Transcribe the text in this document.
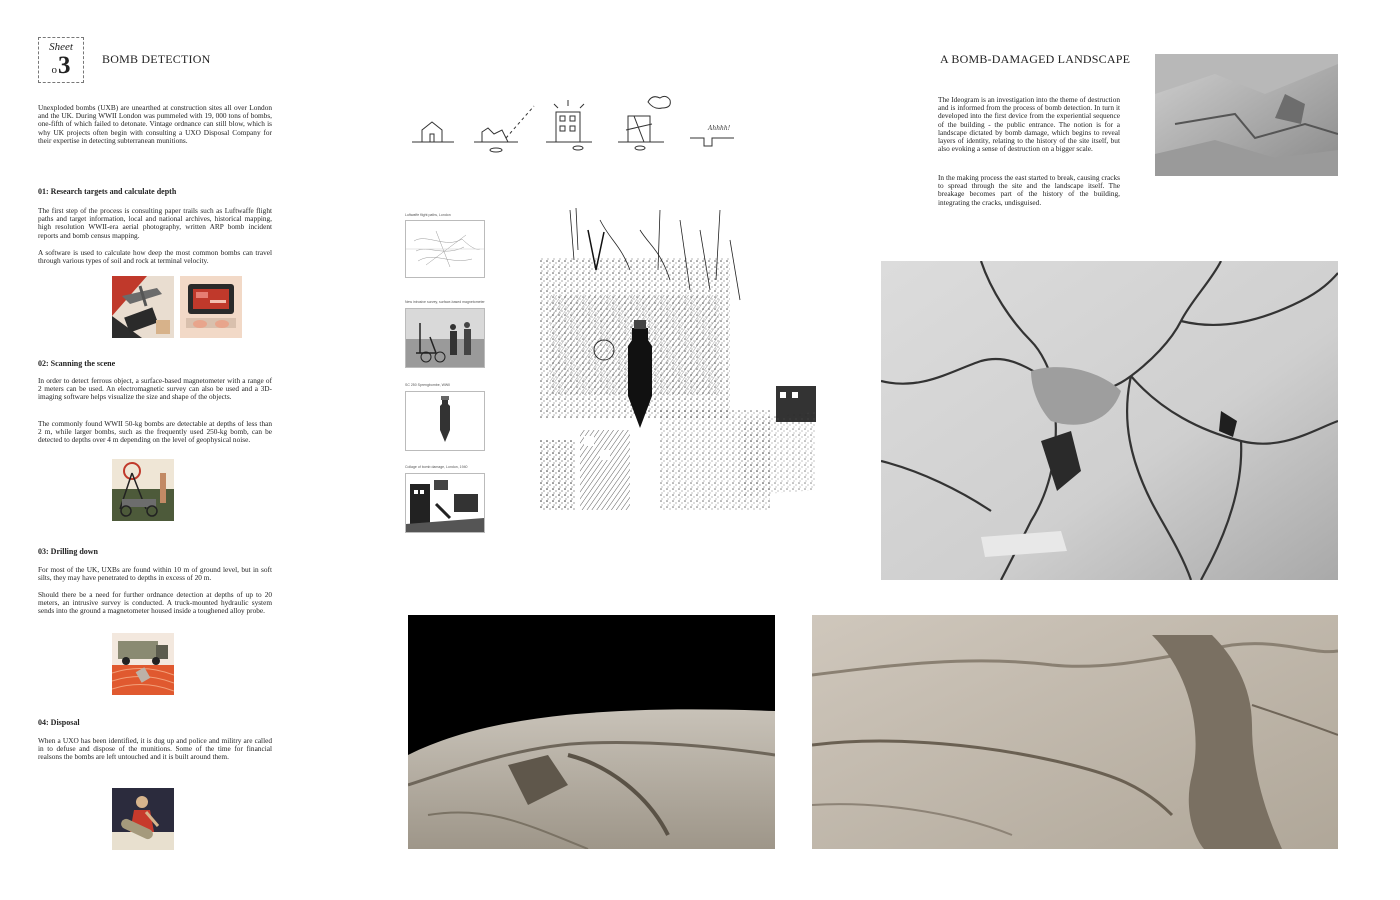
Sheet
$^o$3	BOMB DETECTION

Unexploded bombs (UXB) are unearthed at construction sites all over London and the UK. During WWII London was pummeled with 19, 000 tons of bombs, one-fifth of which failed to detonate. Vintage ordnance can still blow, which is why UK projects often begin with consulting a UXO Disposal Company for their expertise in detecting subterranean munitions.

01: Research targets and calculate depth

The first step of the process is consulting paper trails such as Luftwaffe flight paths and target information, local and national archives, historical mapping, high resolution WWII-era aerial photography, written ARP bomb incident reports and bomb census mapping.

A software is used to calculate how deep the most common bombs can travel through various types of soil and rock at terminal velocity.

02: Scanning the scene

In order to detect ferrous object, a surface-based magnetometer with a range of 2 meters can be used. An electromagnetic survey can also be used and a 3D-imaging software helps visualize the size and shape of the objects.

The commonly found WWII 50-kg bombs are detectable at depths of less than 2 m, while larger bombs, such as the frequently used 250-kg bomb, can be detected to depths over 4 m depending on the level of geophysical noise.

03: Drilling down

For most of the UK, UXBs are found within 10 m of ground level, but in soft silts, they may have penetrated to depths in excess of 20 m.

Should there be a need for further ordnance detection at depths of up to 20 meters, an intrusive survey is conducted. A truck-mounted hydraulic system sends into the ground a magnetometer housed inside a toughened alloy probe.

04: Disposal

When a UXO has been identified, it is dug up and police and militry are called in to defuse and dispose of the munitions. Some of the time for financial realsons the bombs are left untouched and it is built around them.

Ahhhh!
Luftwaffe flight paths, London
New intrusive survey, surface-based magnetometer
SC 250 Sprengbombe, WWII
Collage of bomb damage, London, 1940
A BOMB-DAMAGED LANDSCAPE

The Ideogram is an investigation into the theme of destruction and is informed from the process of bomb detection. In turn it developed into the first device from the experiential sequence of the building - the public entrance. The notion is for a landscape dictated by bomb damage, which begins to reveal layers of identity, relating to the history of the site itself, but also evoking a sense of destruction on a bigger scale.

In the making process the east started to break, causing cracks to spread through the site and the landscape itself. The breakage becomes part of the history of the building, integrating the cracks, undisguised.
